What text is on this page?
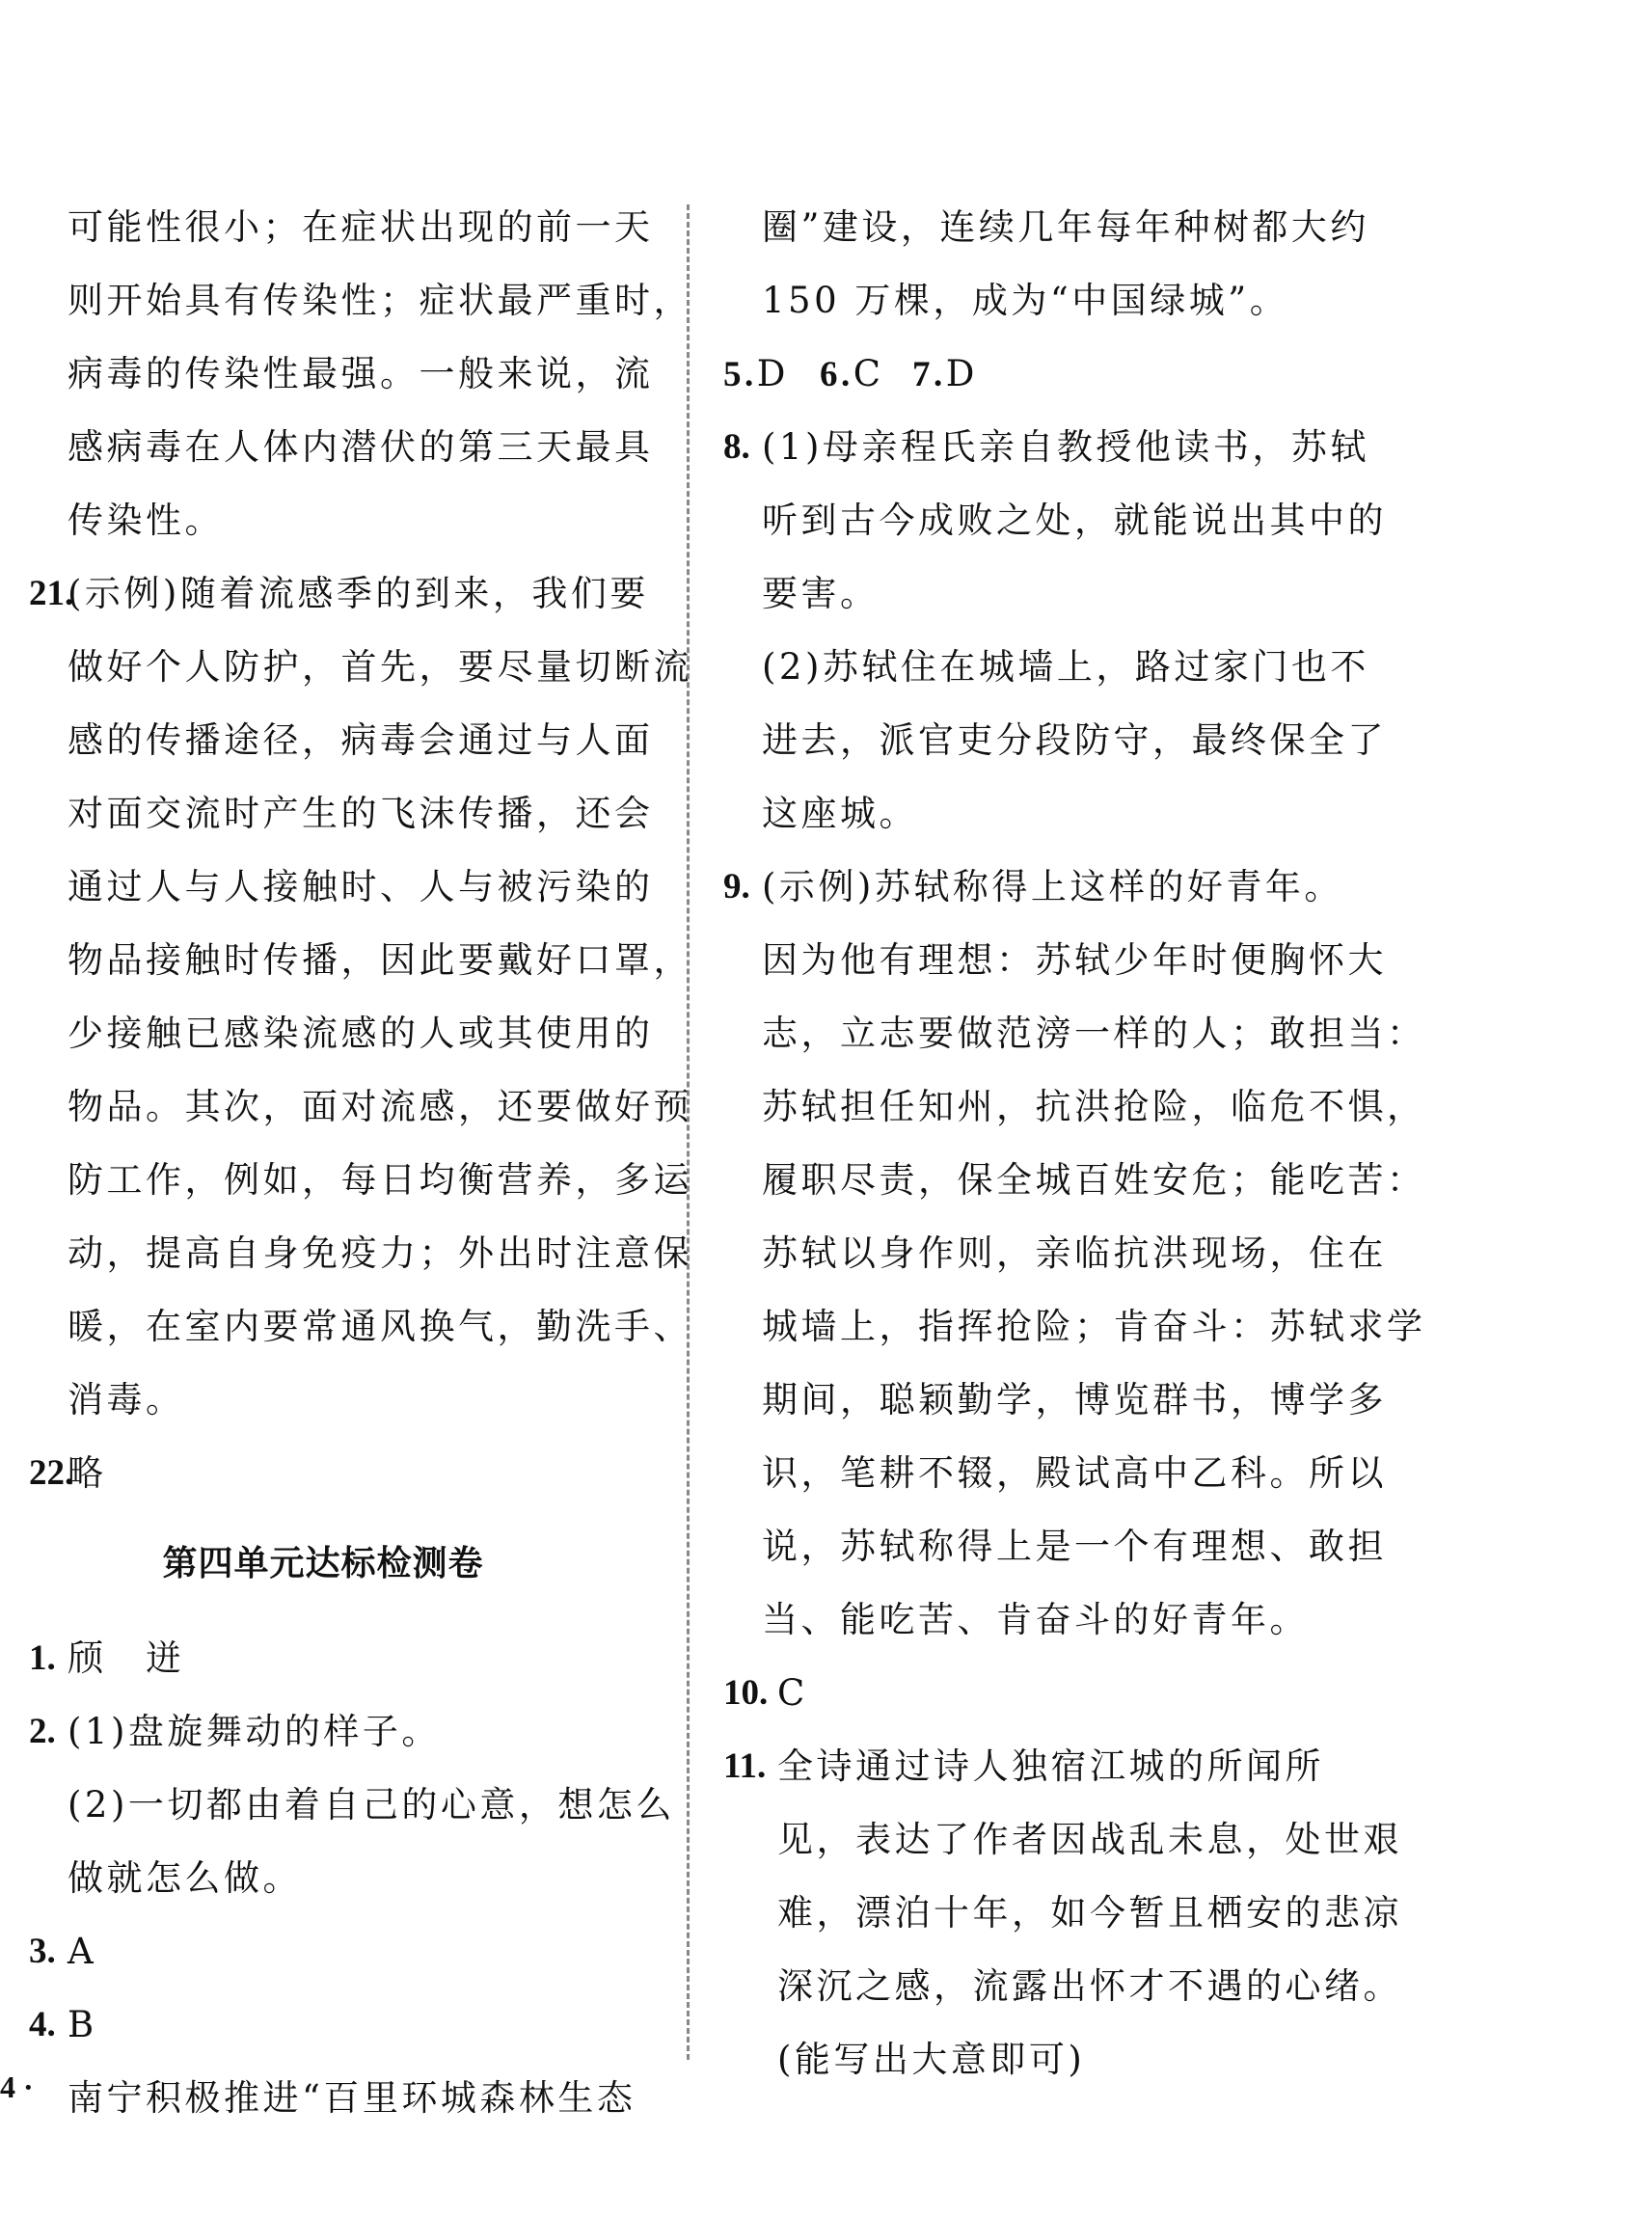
可能性很小；在症状出现的前一天
则开始具有传染性；症状最严重时，
病毒的传染性最强。一般来说，流
感病毒在人体内潜伏的第三天最具
传染性。
21.
(示例)随着流感季的到来，我们要
做好个人防护，首先，要尽量切断流
感的传播途径，病毒会通过与人面
对面交流时产生的飞沫传播，还会
通过人与人接触时、人与被污染的
物品接触时传播，因此要戴好口罩，
少接触已感染流感的人或其使用的
物品。其次，面对流感，还要做好预
防工作，例如，每日均衡营养，多运
动，提高自身免疫力；外出时注意保
暖，在室内要常通风换气，勤洗手、
消毒。
22.
略
第四单元达标检测卷
1. 颀　迸
2. (1)盘旋舞动的样子。
(2)一切都由着自己的心意，想怎么
做就怎么做。
3. A
4. B
南宁积极推进“百里环城森林生态
圈”建设，连续几年每年种树都大约
150 万棵，成为“中国绿城”。
5.D 6.C 7.D
8. (1)母亲程氏亲自教授他读书，苏轼
听到古今成败之处，就能说出其中的
要害。
(2)苏轼住在城墙上，路过家门也不
进去，派官吏分段防守，最终保全了
这座城。
9. (示例)苏轼称得上这样的好青年。
因为他有理想：苏轼少年时便胸怀大
志，立志要做范滂一样的人；敢担当：
苏轼担任知州，抗洪抢险，临危不惧，
履职尽责，保全城百姓安危；能吃苦：
苏轼以身作则，亲临抗洪现场，住在
城墙上，指挥抢险；肯奋斗：苏轼求学
期间，聪颖勤学，博览群书，博学多
识，笔耕不辍，殿试高中乙科。所以
说，苏轼称得上是一个有理想、敢担
当、能吃苦、肯奋斗的好青年。
10. C
11. 全诗通过诗人独宿江城的所闻所
见，表达了作者因战乱未息，处世艰
难，漂泊十年，如今暂且栖安的悲凉
深沉之感，流露出怀才不遇的心绪。
(能写出大意即可)
4 ·
